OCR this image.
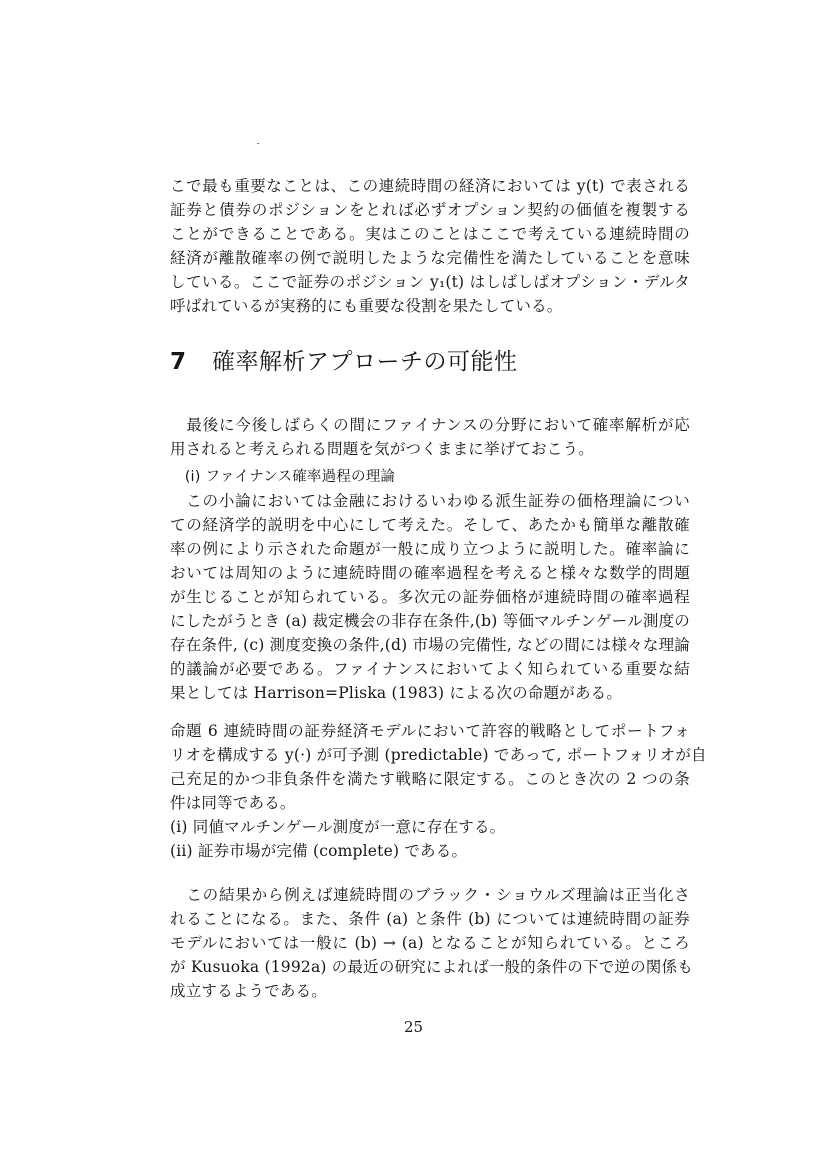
こで最も重要なことは、この連続時間の経済においては y(t) で表される
証券と債券のポジションをとれば必ずオプション契約の価値を複製する
ことができることである。実はこのことはここで考えている連続時間の
経済が離散確率の例で説明したような完備性を満たしていることを意味
している。ここで証券のポジション y₁(t) はしばしばオプション・デルタ
呼ばれているが実務的にも重要な役割を果たしている。
7 確率解析アプローチの可能性
　最後に今後しばらくの間にファイナンスの分野において確率解析が応
用されると考えられる問題を気がつくままに挙げておこう。
　(i) ファイナンス確率過程の理論
　この小論においては金融におけるいわゆる派生証券の価格理論につい
ての経済学的説明を中心にして考えた。そして、あたかも簡単な離散確
率の例により示された命題が一般に成り立つように説明した。確率論に
おいては周知のように連続時間の確率過程を考えると様々な数学的問題
が生じることが知られている。多次元の証券価格が連続時間の確率過程
にしたがうとき (a) 裁定機会の非存在条件,(b) 等価マルチンゲール測度の
存在条件, (c) 測度変換の条件,(d) 市場の完備性, などの間には様々な理論
的議論が必要である。ファイナンスにおいてよく知られている重要な結
果としては Harrison=Pliska (1983) による次の命題がある。
命題 6 連続時間の証券経済モデルにおいて許容的戦略としてポートフォ
リオを構成する y(·) が可予測 (predictable) であって, ポートフォリオが自
己充足的かつ非負条件を満たす戦略に限定する。このとき次の 2 つの条
件は同等である。
(i) 同値マルチンゲール測度が一意に存在する。
(ii) 証券市場が完備 (complete) である。
　この結果から例えば連続時間のブラック・ショウルズ理論は正当化さ
れることになる。また、条件 (a) と条件 (b) については連続時間の証券
モデルにおいては一般に (b) → (a) となることが知られている。ところ
が Kusuoka (1992a) の最近の研究によれば一般的条件の下で逆の関係も
成立するようである。
25
